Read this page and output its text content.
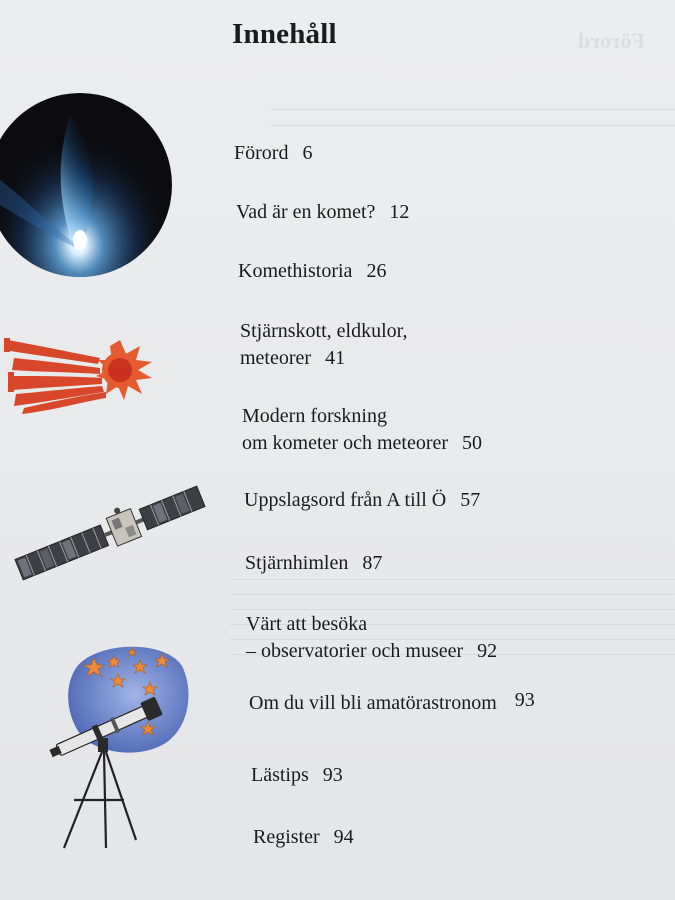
Förord
Innehåll
Förord 6
Vad är en komet? 12
Komethistoria 26
Stjärnskott, eldkulor,
meteorer 41
Modern forskning
om kometer och meteorer 50
Uppslagsord från A till Ö 57
Stjärnhimlen 87
Värt att besöka
– observatorier och museer 92
Om du vill bli amatörastronom 93
Lästips 93
Register 94
